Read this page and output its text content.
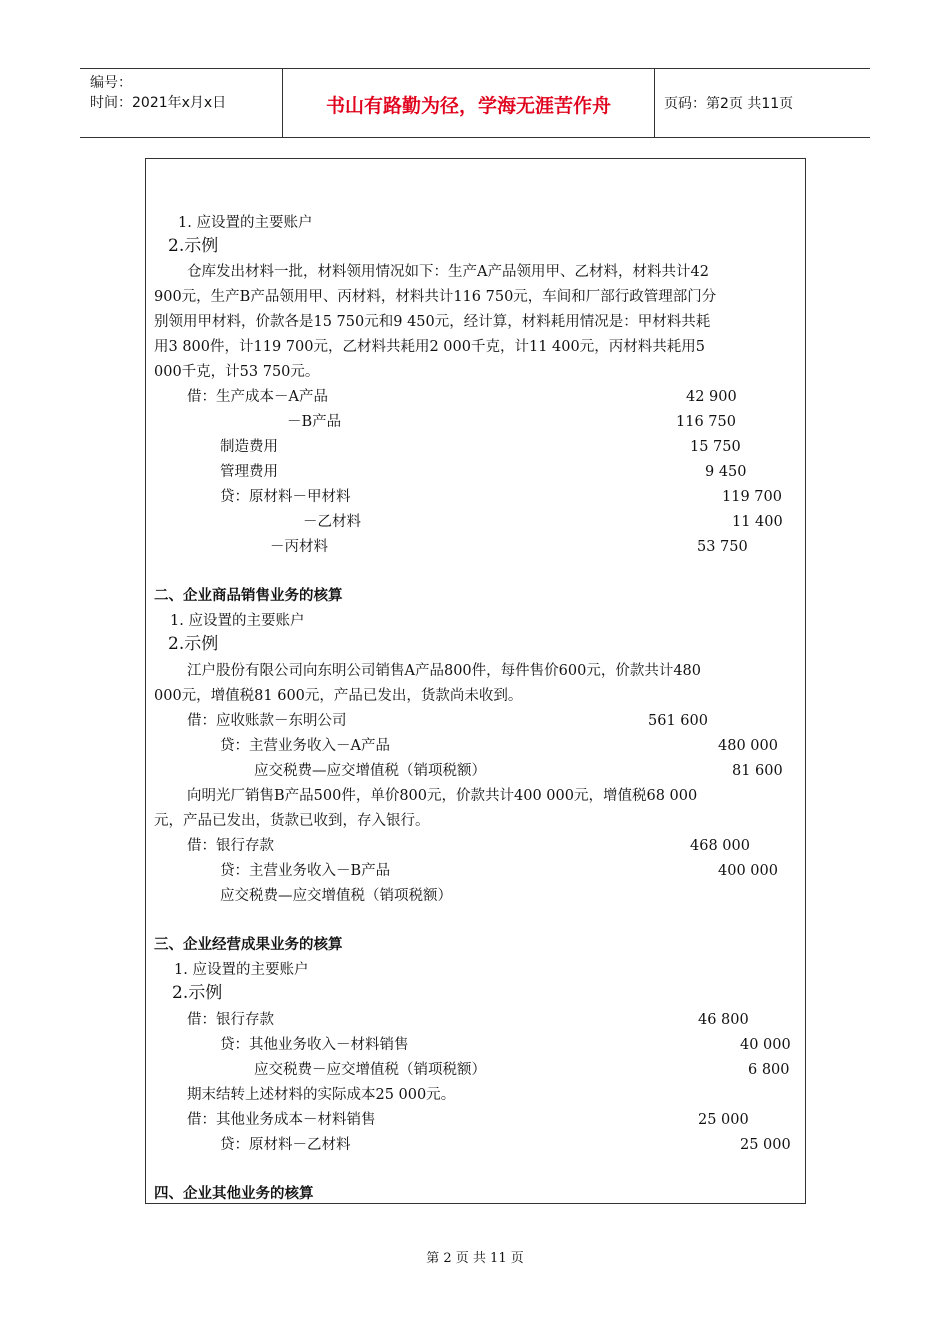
编号：
时间：2021年x月x日	书山有路勤为径，学海无涯苦作舟	页码：第2页 共11页
1. 应设置的主要账户
2.示例
仓库发出材料一批，材料领用情况如下：生产A产品领用甲、乙材料，材料共计42
900元，生产B产品领用甲、丙材料，材料共计116 750元，车间和厂部行政管理部门分
别领用甲材料，价款各是15 750元和9 450元，经计算，材料耗用情况是：甲材料共耗
用3 800件，计119 700元，乙材料共耗用2 000千克，计11 400元，丙材料共耗用5
000千克，计53 750元。
借：生产成本－A产品	42 900
－B产品	116 750
制造费用	15 750
管理费用	9 450
贷：原材料－甲材料	119 700
－乙材料	11 400
－丙材料	53 750
二、企业商品销售业务的核算
1. 应设置的主要账户
2.示例
江户股份有限公司向东明公司销售A产品800件，每件售价600元，价款共计480
000元，增值税81 600元，产品已发出，货款尚未收到。
借：应收账款－东明公司	561 600
贷：主营业务收入－A产品	480 000
应交税费—应交增值税（销项税额）	81 600
向明光厂销售B产品500件，单价800元，价款共计400 000元，增值税68 000
元，产品已发出，货款已收到，存入银行。
借：银行存款	468 000
贷：主营业务收入－B产品	400 000
应交税费—应交增值税（销项税额）
三、企业经营成果业务的核算
1. 应设置的主要账户
2.示例
借：银行存款	46 800
贷：其他业务收入－材料销售	40 000
应交税费－应交增值税（销项税额）	6 800
期末结转上述材料的实际成本25 000元。
借：其他业务成本－材料销售	25 000
贷：原材料－乙材料	25 000
四、企业其他业务的核算
第 2 页 共 11 页
